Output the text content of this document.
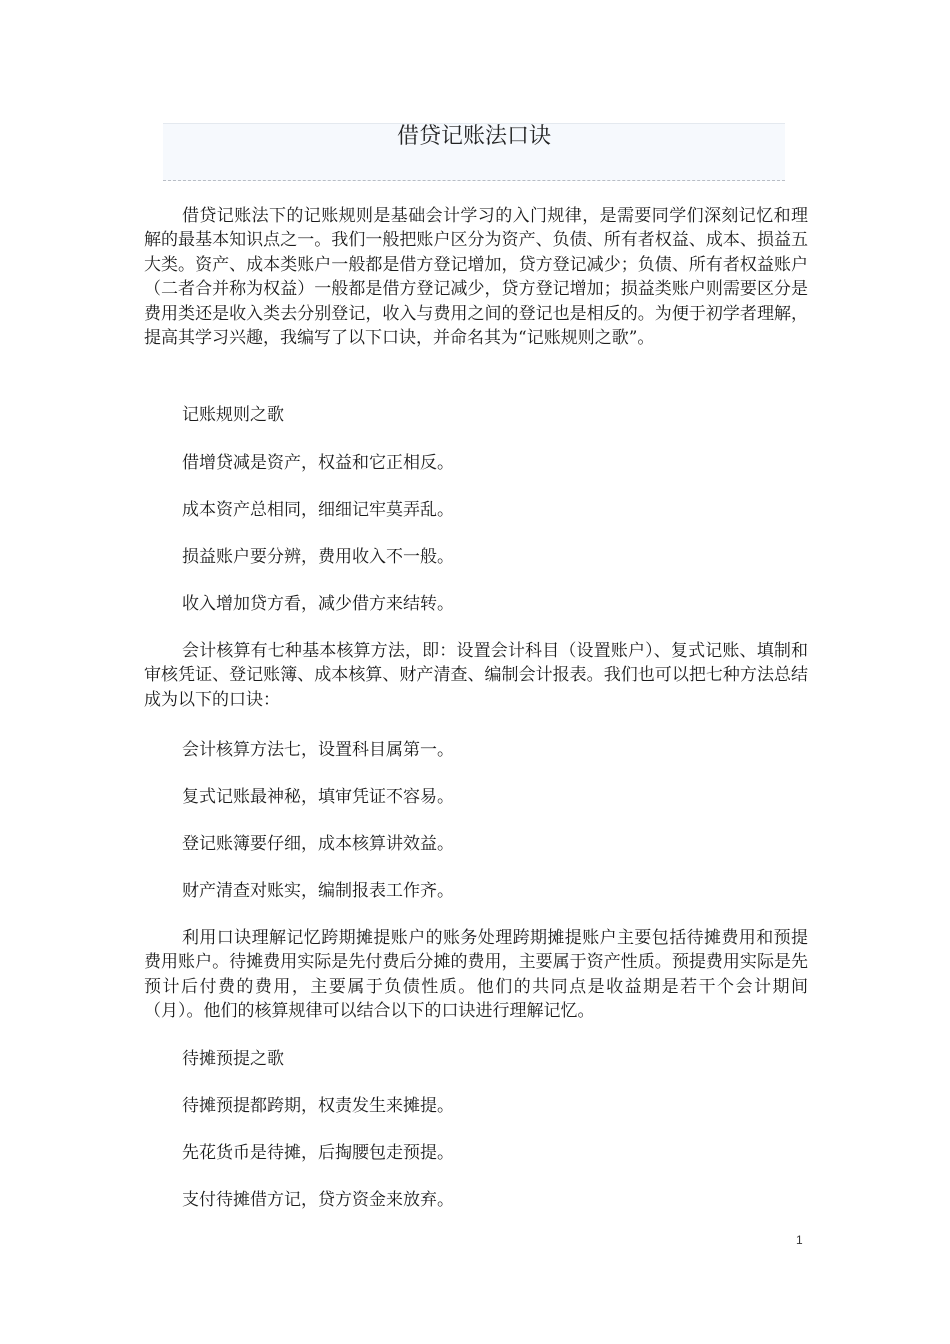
借贷记账法口诀

借贷记账法下的记账规则是基础会计学习的入门规律，是需要同学们深刻记忆和理解的最基本知识点之一。我们一般把账户区分为资产、负债、所有者权益、成本、损益五大类。资产、成本类账户一般都是借方登记增加，贷方登记减少；负债、所有者权益账户（二者合并称为权益）一般都是借方登记减少，贷方登记增加；损益类账户则需要区分是费用类还是收入类去分别登记，收入与费用之间的登记也是相反的。为便于初学者理解，提高其学习兴趣，我编写了以下口诀，并命名其为“记账规则之歌”。

记账规则之歌
借增贷减是资产，权益和它正相反。
成本资产总相同，细细记牢莫弄乱。
损益账户要分辨，费用收入不一般。
收入增加贷方看，减少借方来结转。

会计核算有七种基本核算方法，即：设置会计科目（设置账户）、复式记账、填制和审核凭证、登记账簿、成本核算、财产清查、编制会计报表。我们也可以把七种方法总结成为以下的口诀：

会计核算方法七，设置科目属第一。
复式记账最神秘，填审凭证不容易。
登记账簿要仔细，成本核算讲效益。
财产清查对账实，编制报表工作齐。

利用口诀理解记忆跨期摊提账户的账务处理跨期摊提账户主要包括待摊费用和预提费用账户。待摊费用实际是先付费后分摊的费用，主要属于资产性质。预提费用实际是先预计后付费的费用，主要属于负债性质。他们的共同点是收益期是若干个会计期间（月）。他们的核算规律可以结合以下的口诀进行理解记忆。

待摊预提之歌
待摊预提都跨期，权责发生来摊提。
先花货币是待摊，后掏腰包走预提。
支付待摊借方记，贷方资金来放弃。
1
